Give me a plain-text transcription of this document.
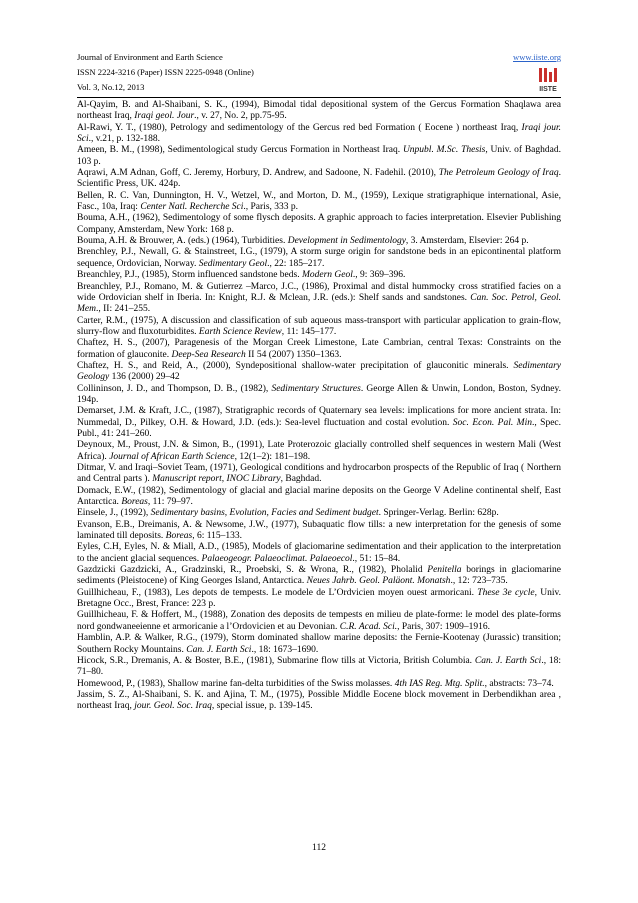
Journal of Environment and Earth Science
ISSN 2224-3216 (Paper) ISSN 2225-0948 (Online)
Vol. 3, No.12, 2013
www.iiste.org
IISTE

Al-Qayim, B. and Al-Shaibani, S. K., (1994), Bimodal tidal depositional system of the Gercus Formation Shaqlawa area northeast Iraq, Iraqi geol. Jour., v. 27, No. 2, pp.75-95.

Al-Rawi, Y. T., (1980), Petrology and sedimentology of the Gercus red bed Formation ( Eocene ) northeast Iraq, Iraqi jour. Sci., v.21, p. 132-188.

Ameen, B. M., (1998), Sedimentological study Gercus Formation in Northeast Iraq. Unpubl. M.Sc. Thesis, Univ. of Baghdad. 103 p.

Aqrawi, A.M Adnan, Goff, C. Jeremy, Horbury, D. Andrew, and Sadoone, N. Fadehil. (2010), The Petroleum Geology of Iraq. Scientific Press, UK. 424p.

Bellen, R. C. Van, Dunnington, H. V., Wetzel, W., and Morton, D. M., (1959), Lexique stratigraphique international, Asie, Fasc., 10a, Iraq: Center Natl. Recherche Sci., Paris, 333 p.

Bouma, A.H., (1962), Sedimentology of some flysch deposits. A graphic approach to facies interpretation. Elsevier Publishing Company, Amsterdam, New York: 168 p.

Bouma, A.H. & Brouwer, A. (eds.) (1964), Turbidities. Development in Sedimentology, 3. Amsterdam, Elsevier: 264 p.

Brenchley, P.J., Newall, G. & Stainstreet, I.G., (1979), A storm surge origin for sandstone beds in an epicontinental platform sequence, Ordovician, Norway. Sedimentary Geol., 22: 185–217.

Breanchley, P.J., (1985), Storm influenced sandstone beds. Modern Geol., 9: 369–396.

Breanchley, P.J., Romano, M. & Gutierrez –Marco, J.C., (1986), Proximal and distal hummocky cross stratified facies on a wide Ordovician shelf in Iberia. In: Knight, R.J. & Mclean, J.R. (eds.): Shelf sands and sandstones. Can. Soc. Petrol, Geol. Mem., II: 241–255.

Carter, R.M., (1975), A discussion and classification of sub aqueous mass-transport with particular application to grain-flow, slurry-flow and fluxoturbidites. Earth Science Review, 11: 145–177.

Chaftez, H. S., (2007), Paragenesis of the Morgan Creek Limestone, Late Cambrian, central Texas: Constraints on the formation of glauconite. Deep-Sea Research II 54 (2007) 1350–1363.

Chaftez, H. S., and Reid, A., (2000), Syndepositional shallow-water precipitation of glauconitic minerals. Sedimentary Geology 136 (2000) 29–42

Collininson, J. D., and Thompson, D. B., (1982), Sedimentary Structures. George Allen & Unwin, London, Boston, Sydney. 194p.

Demarset, J.M. & Kraft, J.C., (1987), Stratigraphic records of Quaternary sea levels: implications for more ancient strata. In: Nummedal, D., Pilkey, O.H. & Howard, J.D. (eds.): Sea-level fluctuation and costal evolution. Soc. Econ. Pal. Min., Spec. Publ., 41: 241–260.

Deynoux, M., Proust, J.N. & Simon, B., (1991), Late Proterozoic glacially controlled shelf sequences in western Mali (West Africa). Journal of African Earth Science, 12(1–2): 181–198.

Ditmar, V. and Iraqi–Soviet Team, (1971), Geological conditions and hydrocarbon prospects of the Republic of Iraq ( Northern and Central parts ). Manuscript report, INOC Library, Baghdad.

Domack, E.W., (1982), Sedimentology of glacial and glacial marine deposits on the George V Adeline continental shelf, East Antarctica. Boreas, 11: 79–97.

Einsele, J., (1992), Sedimentary basins, Evolution, Facies and Sediment budget. Springer-Verlag. Berlin: 628p.

Evanson, E.B., Dreimanis, A. & Newsome, J.W., (1977), Subaquatic flow tills: a new interpretation for the genesis of some laminated till deposits. Boreas, 6: 115–133.

Eyles, C.H, Eyles, N. & Miall, A.D., (1985), Models of glaciomarine sedimentation and their application to the interpretation to the ancient glacial sequences. Palaeogeogr. Palaeoclimat. Palaeoecol., 51: 15–84.

Gazdzicki Gazdzicki, A., Gradzinski, R., Proebski, S. & Wrona, R., (1982), Pholalid Penitella borings in glaciomarine sediments (Pleistocene) of King Georges Island, Antarctica. Neues Jahrb. Geol. Paläont. Monatsh., 12: 723–735.

Guillhicheau, F., (1983), Les depots de tempests. Le modele de L’Ordvicien moyen ouest armoricani. These 3e cycle, Univ. Bretagne Occ., Brest, France: 223 p.

Guillhicheau, F. & Hoffert, M., (1988), Zonation des deposits de tempests en milieu de plate-forme: le model des plate-forms nord gondwaneeienne et armoricanie a l’Ordovicien et au Devonian. C.R. Acad. Sci., Paris, 307: 1909–1916.

Hamblin, A.P. & Walker, R.G., (1979), Storm dominated shallow marine deposits: the Fernie-Kootenay (Jurassic) transition; Southern Rocky Mountains. Can. J. Earth Sci., 18: 1673–1690.

Hicock, S.R., Dremanis, A. & Boster, B.E., (1981), Submarine flow tills at Victoria, British Columbia. Can. J. Earth Sci., 18: 71–80.

Homewood, P., (1983), Shallow marine fan-delta turbidities of the Swiss molasses. 4th IAS Reg. Mtg. Split., abstracts: 73–74.

Jassim, S. Z., Al-Shaibani, S. K. and Ajina, T. M., (1975), Possible Middle Eocene block movement in Derbendikhan area , northeast Iraq, jour. Geol. Soc. Iraq, special issue, p. 139-145.

112
